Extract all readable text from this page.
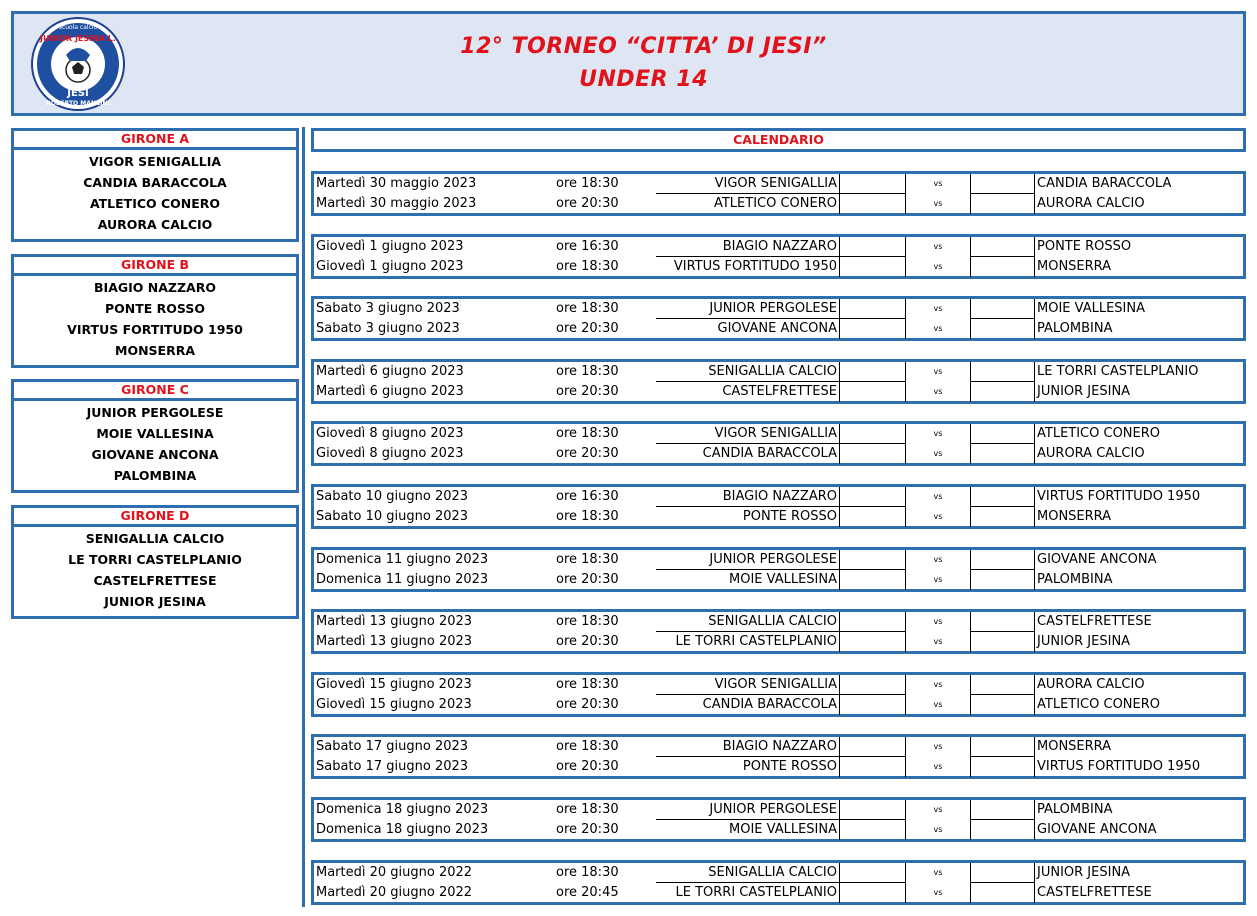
scuola calcio
JUNIOR JESINA L.
JESI
ROBERTO MANCINI
12° TORNEO “CITTA’ DI JESI”
UNDER 14
GIRONE A
VIGOR SENIGALLIA
CANDIA BARACCOLA
ATLETICO CONERO
AURORA CALCIO
GIRONE B
BIAGIO NAZZARO
PONTE ROSSO
VIRTUS FORTITUDO 1950
MONSERRA
GIRONE C
JUNIOR PERGOLESE
MOIE VALLESINA
GIOVANE ANCONA
PALOMBINA
GIRONE D
SENIGALLIA CALCIO
LE TORRI CASTELPLANIO
CASTELFRETTESE
JUNIOR JESINA
CALENDARIO
Martedì 30 maggio 2023	ore 18:30	VIGOR SENIGALLIA	vs	CANDIA BARACCOLA
Martedì 30 maggio 2023	ore 20:30	ATLETICO CONERO	vs	AURORA CALCIO
Giovedì 1 giugno 2023	ore 16:30	BIAGIO NAZZARO	vs	PONTE ROSSO
Giovedì 1 giugno 2023	ore 18:30	VIRTUS FORTITUDO 1950	vs	MONSERRA
Sabato 3 giugno 2023	ore 18:30	JUNIOR PERGOLESE	vs	MOIE VALLESINA
Sabato 3 giugno 2023	ore 20:30	GIOVANE ANCONA	vs	PALOMBINA
Martedì 6 giugno 2023	ore 18:30	SENIGALLIA CALCIO	vs	LE TORRI CASTELPLANIO
Martedì 6 giugno 2023	ore 20:30	CASTELFRETTESE	vs	JUNIOR JESINA
Giovedì 8 giugno 2023	ore 18:30	VIGOR SENIGALLIA	vs	ATLETICO CONERO
Giovedì 8 giugno 2023	ore 20:30	CANDIA BARACCOLA	vs	AURORA CALCIO
Sabato 10 giugno 2023	ore 16:30	BIAGIO NAZZARO	vs	VIRTUS FORTITUDO 1950
Sabato 10 giugno 2023	ore 18:30	PONTE ROSSO	vs	MONSERRA
Domenica 11 giugno 2023	ore 18:30	JUNIOR PERGOLESE	vs	GIOVANE ANCONA
Domenica 11 giugno 2023	ore 20:30	MOIE VALLESINA	vs	PALOMBINA
Martedì 13 giugno 2023	ore 18:30	SENIGALLIA CALCIO	vs	CASTELFRETTESE
Martedì 13 giugno 2023	ore 20:30	LE TORRI CASTELPLANIO	vs	JUNIOR JESINA
Giovedì 15 giugno 2023	ore 18:30	VIGOR SENIGALLIA	vs	AURORA CALCIO
Giovedì 15 giugno 2023	ore 20:30	CANDIA BARACCOLA	vs	ATLETICO CONERO
Sabato 17 giugno 2023	ore 18:30	BIAGIO NAZZARO	vs	MONSERRA
Sabato 17 giugno 2023	ore 20:30	PONTE ROSSO	vs	VIRTUS FORTITUDO 1950
Domenica 18 giugno 2023	ore 18:30	JUNIOR PERGOLESE	vs	PALOMBINA
Domenica 18 giugno 2023	ore 20:30	MOIE VALLESINA	vs	GIOVANE ANCONA
Martedì 20 giugno 2022	ore 18:30	SENIGALLIA CALCIO	vs	JUNIOR JESINA
Martedì 20 giugno 2022	ore 20:45	LE TORRI CASTELPLANIO	vs	CASTELFRETTESE
